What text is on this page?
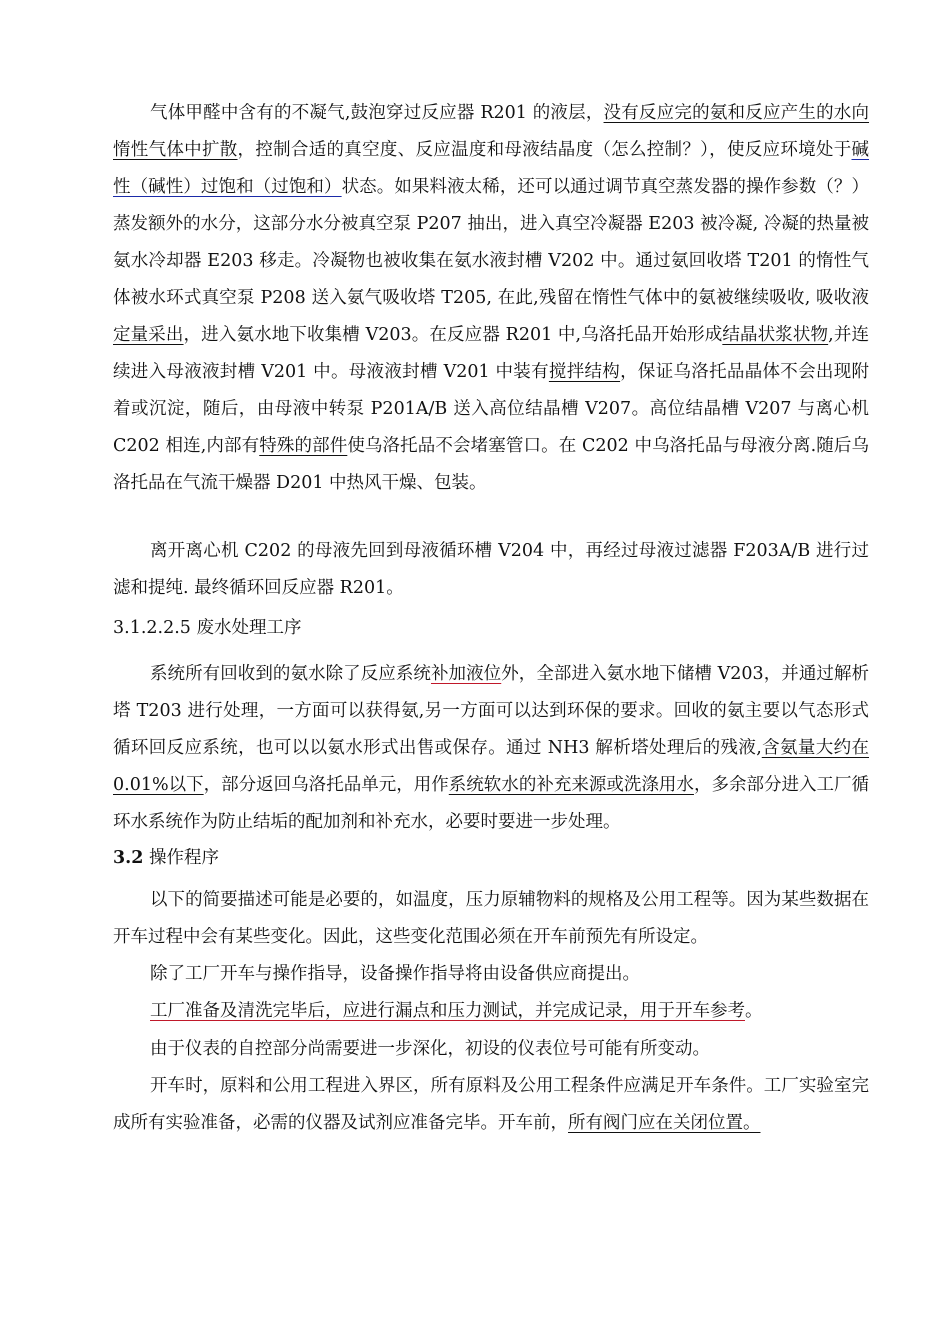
气体甲醛中含有的不凝气,鼓泡穿过反应器 R201 的液层，没有反应完的氨和反应产生的水向惰性气体中扩散，控制合适的真空度、反应温度和母液结晶度（怎么控制？），使反应环境处于碱性（碱性）过饱和（过饱和）状态。如果料液太稀，还可以通过调节真空蒸发器的操作参数（？）蒸发额外的水分，这部分水分被真空泵 P207 抽出，进入真空冷凝器 E203 被冷凝, 冷凝的热量被氨水冷却器 E203 移走。冷凝物也被收集在氨水液封槽 V202 中。通过氨回收塔 T201 的惰性气体被水环式真空泵 P208 送入氨气吸收塔 T205, 在此,残留在惰性气体中的氨被继续吸收, 吸收液定量采出，进入氨水地下收集槽 V203。在反应器 R201 中,乌洛托品开始形成结晶状浆状物,并连续进入母液液封槽 V201 中。母液液封槽 V201 中装有搅拌结构，保证乌洛托品晶体不会出现附着或沉淀，随后，由母液中转泵 P201A/B 送入高位结晶槽 V207。高位结晶槽 V207 与离心机 C202 相连,内部有特殊的部件使乌洛托品不会堵塞管口。在 C202 中乌洛托品与母液分离.随后乌洛托品在气流干燥器 D201 中热风干燥、包装。

离开离心机 C202 的母液先回到母液循环槽 V204 中，再经过母液过滤器 F203A/B 进行过滤和提纯. 最终循环回反应器 R201。

3.1.2.2.5 废水处理工序

系统所有回收到的氨水除了反应系统补加液位外，全部进入氨水地下储槽 V203，并通过解析塔 T203 进行处理，一方面可以获得氨,另一方面可以达到环保的要求。回收的氨主要以气态形式循环回反应系统，也可以以氨水形式出售或保存。通过 NH3 解析塔处理后的残液,含氨量大约在 0.01%以下，部分返回乌洛托品单元，用作系统软水的补充来源或洗涤用水，多余部分进入工厂循环水系统作为防止结垢的配加剂和补充水，必要时要进一步处理。

3.2 操作程序

以下的简要描述可能是必要的，如温度，压力原辅物料的规格及公用工程等。因为某些数据在开车过程中会有某些变化。因此，这些变化范围必须在开车前预先有所设定。

除了工厂开车与操作指导，设备操作指导将由设备供应商提出。

工厂准备及清洗完毕后，应进行漏点和压力测试，并完成记录，用于开车参考。

由于仪表的自控部分尚需要进一步深化，初设的仪表位号可能有所变动。

开车时，原料和公用工程进入界区，所有原料及公用工程条件应满足开车条件。工厂实验室完成所有实验准备，必需的仪器及试剂应准备完毕。开车前，所有阀门应在关闭位置。
